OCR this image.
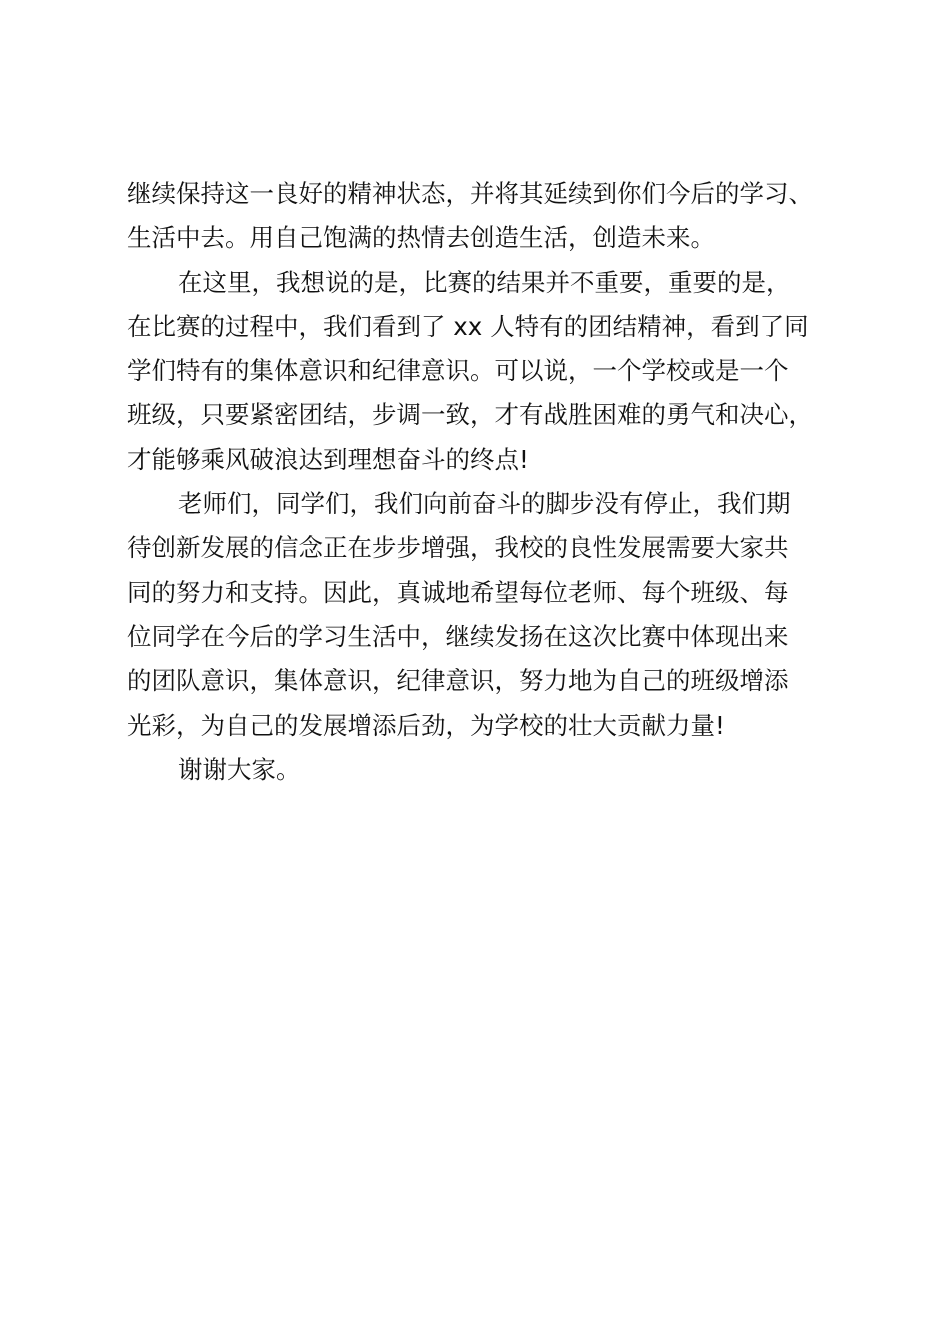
继续保持这一良好的精神状态，并将其延续到你们今后的学习、
生活中去。用自己饱满的热情去创造生活，创造未来。
在这里，我想说的是，比赛的结果并不重要，重要的是，
在比赛的过程中，我们看到了 xx 人特有的团结精神，看到了同
学们特有的集体意识和纪律意识。可以说，一个学校或是一个
班级，只要紧密团结，步调一致，才有战胜困难的勇气和决心，
才能够乘风破浪达到理想奋斗的终点!
老师们，同学们，我们向前奋斗的脚步没有停止，我们期
待创新发展的信念正在步步增强，我校的良性发展需要大家共
同的努力和支持。因此，真诚地希望每位老师、每个班级、每
位同学在今后的学习生活中，继续发扬在这次比赛中体现出来
的团队意识，集体意识，纪律意识，努力地为自己的班级增添
光彩，为自己的发展增添后劲，为学校的壮大贡献力量!
谢谢大家。
